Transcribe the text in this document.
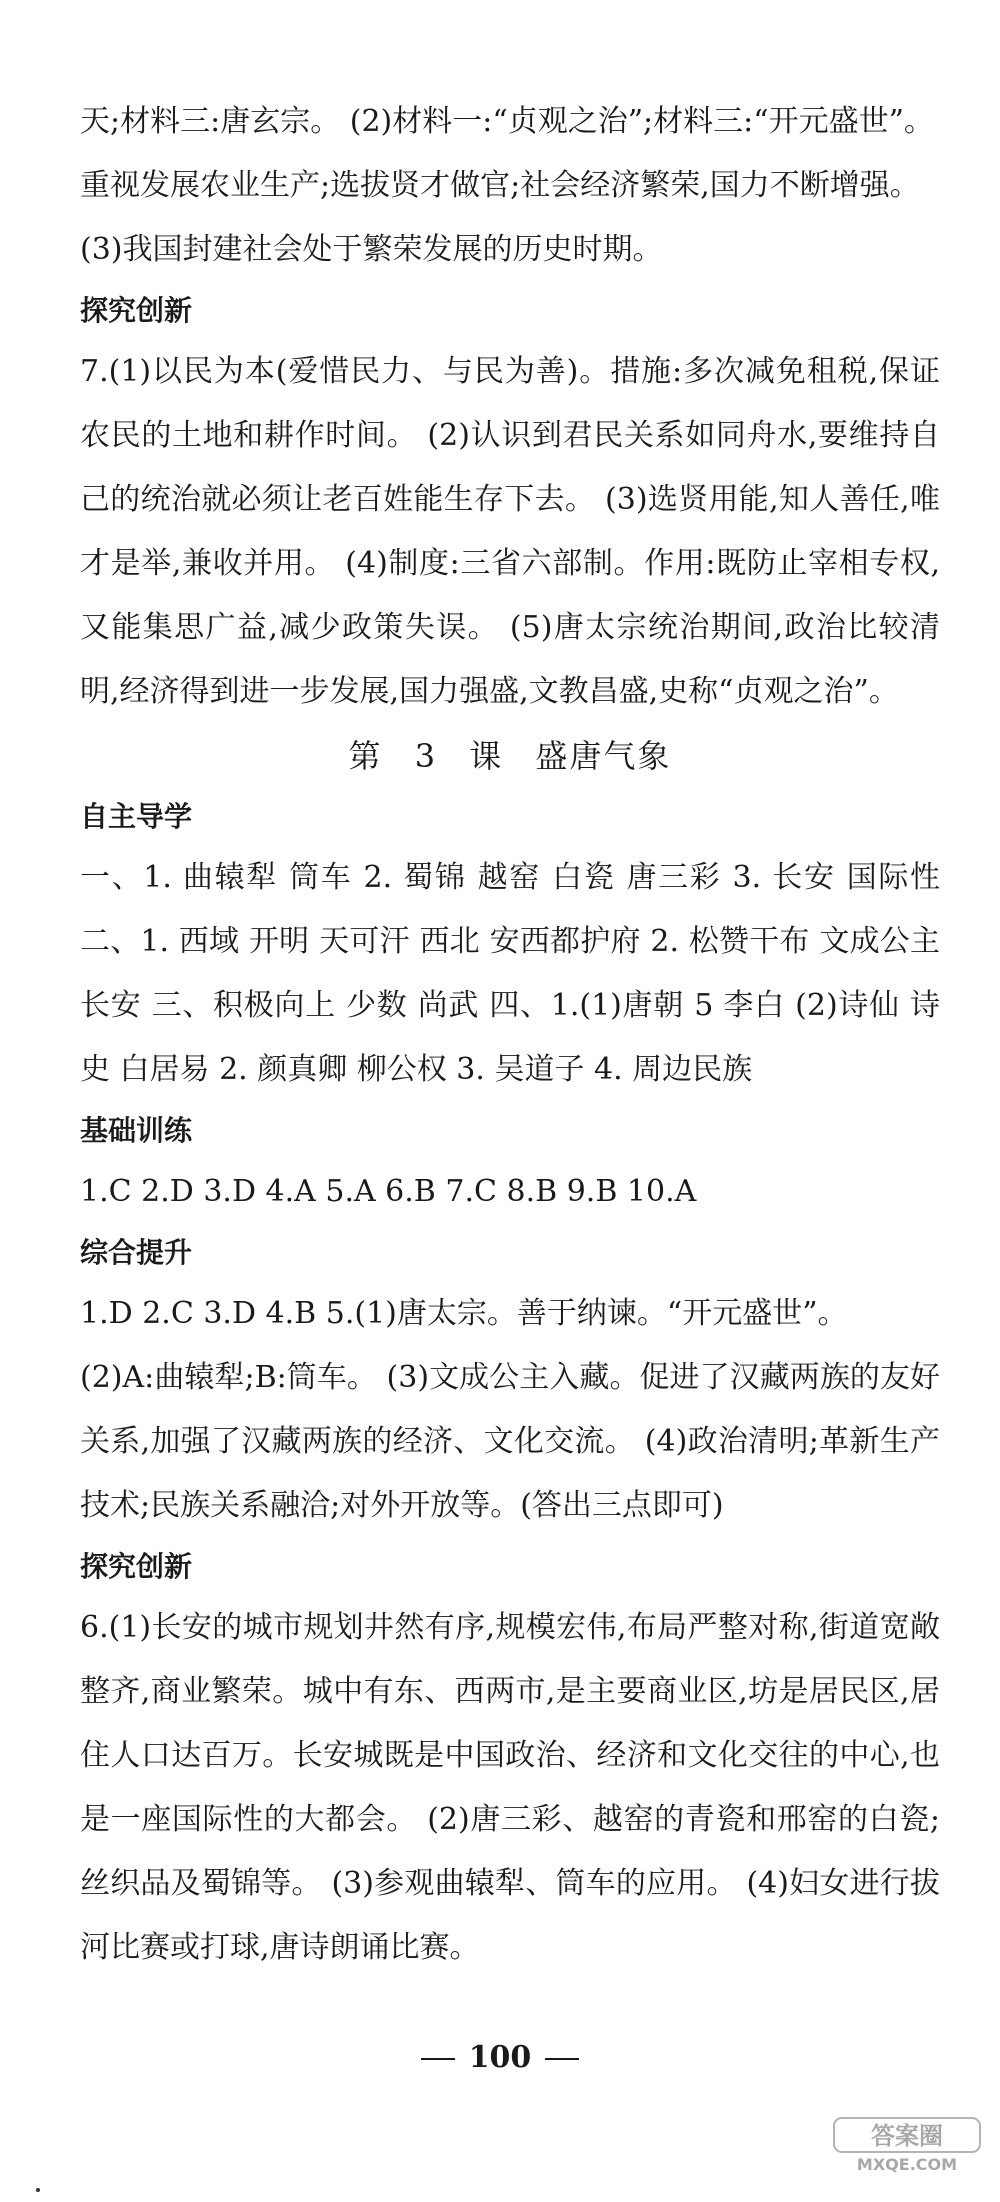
天;材料三:唐玄宗。 (2)材料一:“贞观之治”;材料三:“开元盛世”。

重视发展农业生产;选拔贤才做官;社会经济繁荣,国力不断增强。

(3)我国封建社会处于繁荣发展的历史时期。

探究创新

7.(1)以民为本(爱惜民力、与民为善)。措施:多次减免租税,保证农民的土地和耕作时间。 (2)认识到君民关系如同舟水,要维持自己的统治就必须让老百姓能生存下去。 (3)选贤用能,知人善任,唯才是举,兼收并用。 (4)制度:三省六部制。作用:既防止宰相专权,又能集思广益,减少政策失误。 (5)唐太宗统治期间,政治比较清明,经济得到进一步发展,国力强盛,文教昌盛,史称“贞观之治”。

第 3 课 盛唐气象

自主导学

一、1. 曲辕犁 筒车 2. 蜀锦 越窑 白瓷 唐三彩 3. 长安 国际性 二、1. 西域 开明 天可汗 西北 安西都护府 2. 松赞干布 文成公主 长安 三、积极向上 少数 尚武 四、1.(1)唐朝 5 李白 (2)诗仙 诗史 白居易 2. 颜真卿 柳公权 3. 吴道子 4. 周边民族

基础训练

1.C 2.D 3.D 4.A 5.A 6.B 7.C 8.B 9.B 10.A

综合提升

1.D 2.C 3.D 4.B 5.(1)唐太宗。善于纳谏。“开元盛世”。

(2)A:曲辕犁;B:筒车。 (3)文成公主入藏。促进了汉藏两族的友好关系,加强了汉藏两族的经济、文化交流。 (4)政治清明;革新生产技术;民族关系融洽;对外开放等。(答出三点即可)

探究创新

6.(1)长安的城市规划井然有序,规模宏伟,布局严整对称,街道宽敞整齐,商业繁荣。城中有东、西两市,是主要商业区,坊是居民区,居住人口达百万。长安城既是中国政治、经济和文化交往的中心,也是一座国际性的大都会。 (2)唐三彩、越窑的青瓷和邢窑的白瓷;丝织品及蜀锦等。 (3)参观曲辕犁、筒车的应用。 (4)妇女进行拔河比赛或打球,唐诗朗诵比赛。

100
答案圈
MXQE.COM
